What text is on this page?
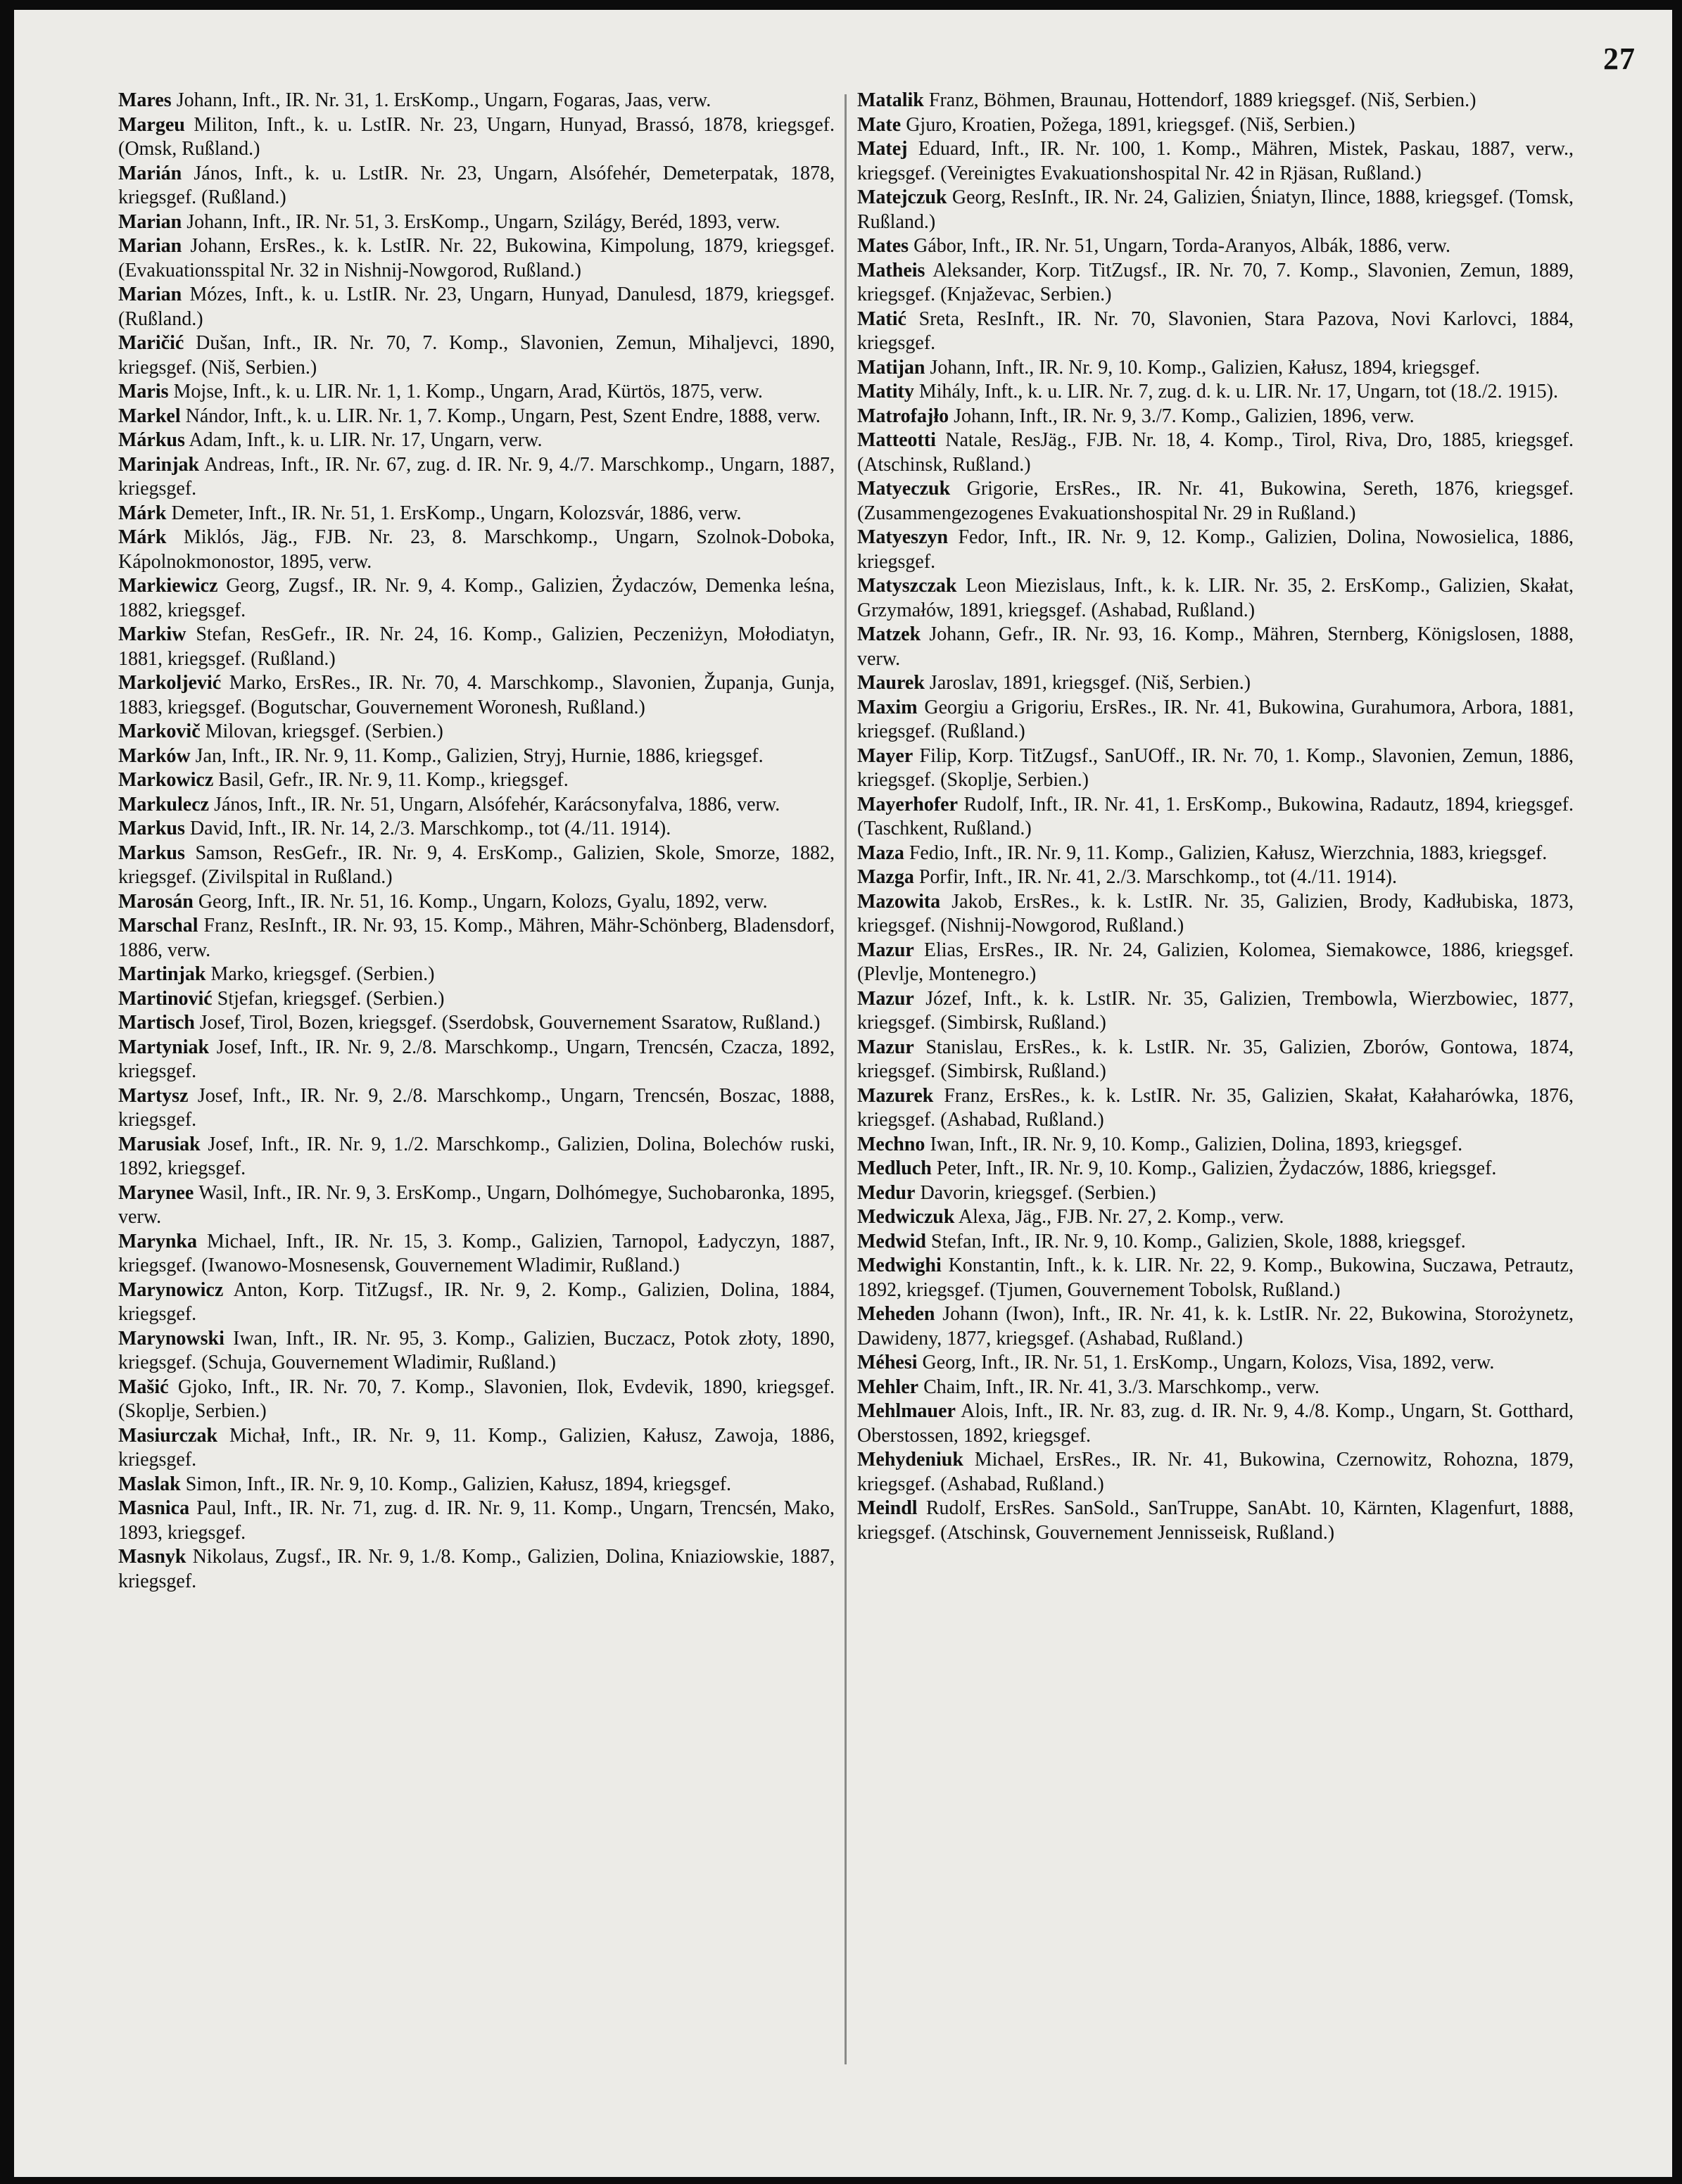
27

Mares Johann, Inft., IR. Nr. 31, 1. ErsKomp., Ungarn, Fogaras, Jaas, verw.

Margeu Militon, Inft., k. u. LstIR. Nr. 23, Ungarn, Hunyad, Brassó, 1878, kriegsgef. (Omsk, Rußland.)

Marián János, Inft., k. u. LstIR. Nr. 23, Ungarn, Alsófehér, Demeterpatak, 1878, kriegsgef. (Rußland.)

Marian Johann, Inft., IR. Nr. 51, 3. ErsKomp., Ungarn, Szilágy, Beréd, 1893, verw.

Marian Johann, ErsRes., k. k. LstIR. Nr. 22, Bukowina, Kimpolung, 1879, kriegsgef. (Evakuationsspital Nr. 32 in Nishnij-Nowgorod, Rußland.)

Marian Mózes, Inft., k. u. LstIR. Nr. 23, Ungarn, Hunyad, Danulesd, 1879, kriegsgef. (Rußland.)

Maričić Dušan, Inft., IR. Nr. 70, 7. Komp., Slavonien, Zemun, Mihaljevci, 1890, kriegsgef. (Niš, Serbien.)

Maris Mojse, Inft., k. u. LIR. Nr. 1, 1. Komp., Ungarn, Arad, Kürtös, 1875, verw.

Markel Nándor, Inft., k. u. LIR. Nr. 1, 7. Komp., Ungarn, Pest, Szent Endre, 1888, verw.

Márkus Adam, Inft., k. u. LIR. Nr. 17, Ungarn, verw.

Marinjak Andreas, Inft., IR. Nr. 67, zug. d. IR. Nr. 9, 4./7. Marschkomp., Ungarn, 1887, kriegsgef.

Márk Demeter, Inft., IR. Nr. 51, 1. ErsKomp., Ungarn, Kolozsvár, 1886, verw.

Márk Miklós, Jäg., FJB. Nr. 23, 8. Marschkomp., Ungarn, Szolnok-Doboka, Kápolnokmonostor, 1895, verw.

Markiewicz Georg, Zugsf., IR. Nr. 9, 4. Komp., Galizien, Żydaczów, Demenka leśna, 1882, kriegsgef.

Markiw Stefan, ResGefr., IR. Nr. 24, 16. Komp., Galizien, Peczeniżyn, Mołodiatyn, 1881, kriegsgef. (Rußland.)

Markoljević Marko, ErsRes., IR. Nr. 70, 4. Marschkomp., Slavonien, Županja, Gunja, 1883, kriegsgef. (Bogutschar, Gouvernement Woronesh, Rußland.)

Markovič Milovan, kriegsgef. (Serbien.)

Marków Jan, Inft., IR. Nr. 9, 11. Komp., Galizien, Stryj, Hurnie, 1886, kriegsgef.

Markowicz Basil, Gefr., IR. Nr. 9, 11. Komp., kriegsgef.

Markulecz János, Inft., IR. Nr. 51, Ungarn, Alsófehér, Karácsonyfalva, 1886, verw.

Markus David, Inft., IR. Nr. 14, 2./3. Marschkomp., tot (4./11. 1914).

Markus Samson, ResGefr., IR. Nr. 9, 4. ErsKomp., Galizien, Skole, Smorze, 1882, kriegsgef. (Zivilspital in Rußland.)

Marosán Georg, Inft., IR. Nr. 51, 16. Komp., Ungarn, Kolozs, Gyalu, 1892, verw.

Marschal Franz, ResInft., IR. Nr. 93, 15. Komp., Mähren, Mähr-Schönberg, Bladensdorf, 1886, verw.

Martinjak Marko, kriegsgef. (Serbien.)

Martinović Stjefan, kriegsgef. (Serbien.)

Martisch Josef, Tirol, Bozen, kriegsgef. (Sserdobsk, Gouvernement Ssaratow, Rußland.)

Martyniak Josef, Inft., IR. Nr. 9, 2./8. Marschkomp., Ungarn, Trencsén, Czacza, 1892, kriegsgef.

Martysz Josef, Inft., IR. Nr. 9, 2./8. Marschkomp., Ungarn, Trencsén, Boszac, 1888, kriegsgef.

Marusiak Josef, Inft., IR. Nr. 9, 1./2. Marschkomp., Galizien, Dolina, Bolechów ruski, 1892, kriegsgef.

Marynee Wasil, Inft., IR. Nr. 9, 3. ErsKomp., Ungarn, Dolhómegye, Suchobaronka, 1895, verw.

Marynka Michael, Inft., IR. Nr. 15, 3. Komp., Galizien, Tarnopol, Ładyczyn, 1887, kriegsgef. (Iwanowo-Mosnesensk, Gouvernement Wladimir, Rußland.)

Marynowicz Anton, Korp. TitZugsf., IR. Nr. 9, 2. Komp., Galizien, Dolina, 1884, kriegsgef.

Marynowski Iwan, Inft., IR. Nr. 95, 3. Komp., Galizien, Buczacz, Potok złoty, 1890, kriegsgef. (Schuja, Gouvernement Wladimir, Rußland.)

Mašić Gjoko, Inft., IR. Nr. 70, 7. Komp., Slavonien, Ilok, Evdevik, 1890, kriegsgef. (Skoplje, Serbien.)

Masiurczak Michał, Inft., IR. Nr. 9, 11. Komp., Galizien, Kałusz, Zawoja, 1886, kriegsgef.

Maslak Simon, Inft., IR. Nr. 9, 10. Komp., Galizien, Kałusz, 1894, kriegsgef.

Masnica Paul, Inft., IR. Nr. 71, zug. d. IR. Nr. 9, 11. Komp., Ungarn, Trencsén, Mako, 1893, kriegsgef.

Masnyk Nikolaus, Zugsf., IR. Nr. 9, 1./8. Komp., Galizien, Dolina, Kniaziowskie, 1887, kriegsgef.

Matalik Franz, Böhmen, Braunau, Hottendorf, 1889 kriegsgef. (Niš, Serbien.)

Mate Gjuro, Kroatien, Požega, 1891, kriegsgef. (Niš, Serbien.)

Matej Eduard, Inft., IR. Nr. 100, 1. Komp., Mähren, Mistek, Paskau, 1887, verw., kriegsgef. (Vereinigtes Evakuationshospital Nr. 42 in Rjäsan, Rußland.)

Matejczuk Georg, ResInft., IR. Nr. 24, Galizien, Śniatyn, Ilince, 1888, kriegsgef. (Tomsk, Rußland.)

Mates Gábor, Inft., IR. Nr. 51, Ungarn, Torda-Aranyos, Albák, 1886, verw.

Matheis Aleksander, Korp. TitZugsf., IR. Nr. 70, 7. Komp., Slavonien, Zemun, 1889, kriegsgef. (Knjaževac, Serbien.)

Matić Sreta, ResInft., IR. Nr. 70, Slavonien, Stara Pazova, Novi Karlovci, 1884, kriegsgef.

Matijan Johann, Inft., IR. Nr. 9, 10. Komp., Galizien, Kałusz, 1894, kriegsgef.

Matity Mihály, Inft., k. u. LIR. Nr. 7, zug. d. k. u. LIR. Nr. 17, Ungarn, tot (18./2. 1915).

Matrofajło Johann, Inft., IR. Nr. 9, 3./7. Komp., Galizien, 1896, verw.

Matteotti Natale, ResJäg., FJB. Nr. 18, 4. Komp., Tirol, Riva, Dro, 1885, kriegsgef. (Atschinsk, Rußland.)

Matyeczuk Grigorie, ErsRes., IR. Nr. 41, Bukowina, Sereth, 1876, kriegsgef. (Zusammengezogenes Evakuationshospital Nr. 29 in Rußland.)

Matyeszyn Fedor, Inft., IR. Nr. 9, 12. Komp., Galizien, Dolina, Nowosielica, 1886, kriegsgef.

Matyszczak Leon Miezislaus, Inft., k. k. LIR. Nr. 35, 2. ErsKomp., Galizien, Skałat, Grzymałów, 1891, kriegsgef. (Ashabad, Rußland.)

Matzek Johann, Gefr., IR. Nr. 93, 16. Komp., Mähren, Sternberg, Königslosen, 1888, verw.

Maurek Jaroslav, 1891, kriegsgef. (Niš, Serbien.)

Maxim Georgiu a Grigoriu, ErsRes., IR. Nr. 41, Bukowina, Gurahumora, Arbora, 1881, kriegsgef. (Rußland.)

Mayer Filip, Korp. TitZugsf., SanUOff., IR. Nr. 70, 1. Komp., Slavonien, Zemun, 1886, kriegsgef. (Skoplje, Serbien.)

Mayerhofer Rudolf, Inft., IR. Nr. 41, 1. ErsKomp., Bukowina, Radautz, 1894, kriegsgef. (Taschkent, Rußland.)

Maza Fedio, Inft., IR. Nr. 9, 11. Komp., Galizien, Kałusz, Wierzchnia, 1883, kriegsgef.

Mazga Porfir, Inft., IR. Nr. 41, 2./3. Marschkomp., tot (4./11. 1914).

Mazowita Jakob, ErsRes., k. k. LstIR. Nr. 35, Galizien, Brody, Kadłubiska, 1873, kriegsgef. (Nishnij-Nowgorod, Rußland.)

Mazur Elias, ErsRes., IR. Nr. 24, Galizien, Kolomea, Siemakowce, 1886, kriegsgef. (Plevlje, Montenegro.)

Mazur Józef, Inft., k. k. LstIR. Nr. 35, Galizien, Trembowla, Wierzbowiec, 1877, kriegsgef. (Simbirsk, Rußland.)

Mazur Stanislau, ErsRes., k. k. LstIR. Nr. 35, Galizien, Zborów, Gontowa, 1874, kriegsgef. (Simbirsk, Rußland.)

Mazurek Franz, ErsRes., k. k. LstIR. Nr. 35, Galizien, Skałat, Kałaharówka, 1876, kriegsgef. (Ashabad, Rußland.)

Mechno Iwan, Inft., IR. Nr. 9, 10. Komp., Galizien, Dolina, 1893, kriegsgef.

Medluch Peter, Inft., IR. Nr. 9, 10. Komp., Galizien, Żydaczów, 1886, kriegsgef.

Medur Davorin, kriegsgef. (Serbien.)

Medwiczuk Alexa, Jäg., FJB. Nr. 27, 2. Komp., verw.

Medwid Stefan, Inft., IR. Nr. 9, 10. Komp., Galizien, Skole, 1888, kriegsgef.

Medwighi Konstantin, Inft., k. k. LIR. Nr. 22, 9. Komp., Bukowina, Suczawa, Petrautz, 1892, kriegsgef. (Tjumen, Gouvernement Tobolsk, Rußland.)

Meheden Johann (Iwon), Inft., IR. Nr. 41, k. k. LstIR. Nr. 22, Bukowina, Storożynetz, Dawideny, 1877, kriegsgef. (Ashabad, Rußland.)

Méhesi Georg, Inft., IR. Nr. 51, 1. ErsKomp., Ungarn, Kolozs, Visa, 1892, verw.

Mehler Chaim, Inft., IR. Nr. 41, 3./3. Marschkomp., verw.

Mehlmauer Alois, Inft., IR. Nr. 83, zug. d. IR. Nr. 9, 4./8. Komp., Ungarn, St. Gotthard, Oberstossen, 1892, kriegsgef.

Mehydeniuk Michael, ErsRes., IR. Nr. 41, Bukowina, Czernowitz, Rohozna, 1879, kriegsgef. (Ashabad, Rußland.)

Meindl Rudolf, ErsRes. SanSold., SanTruppe, SanAbt. 10, Kärnten, Klagenfurt, 1888, kriegsgef. (Atschinsk, Gouvernement Jennisseisk, Rußland.)
